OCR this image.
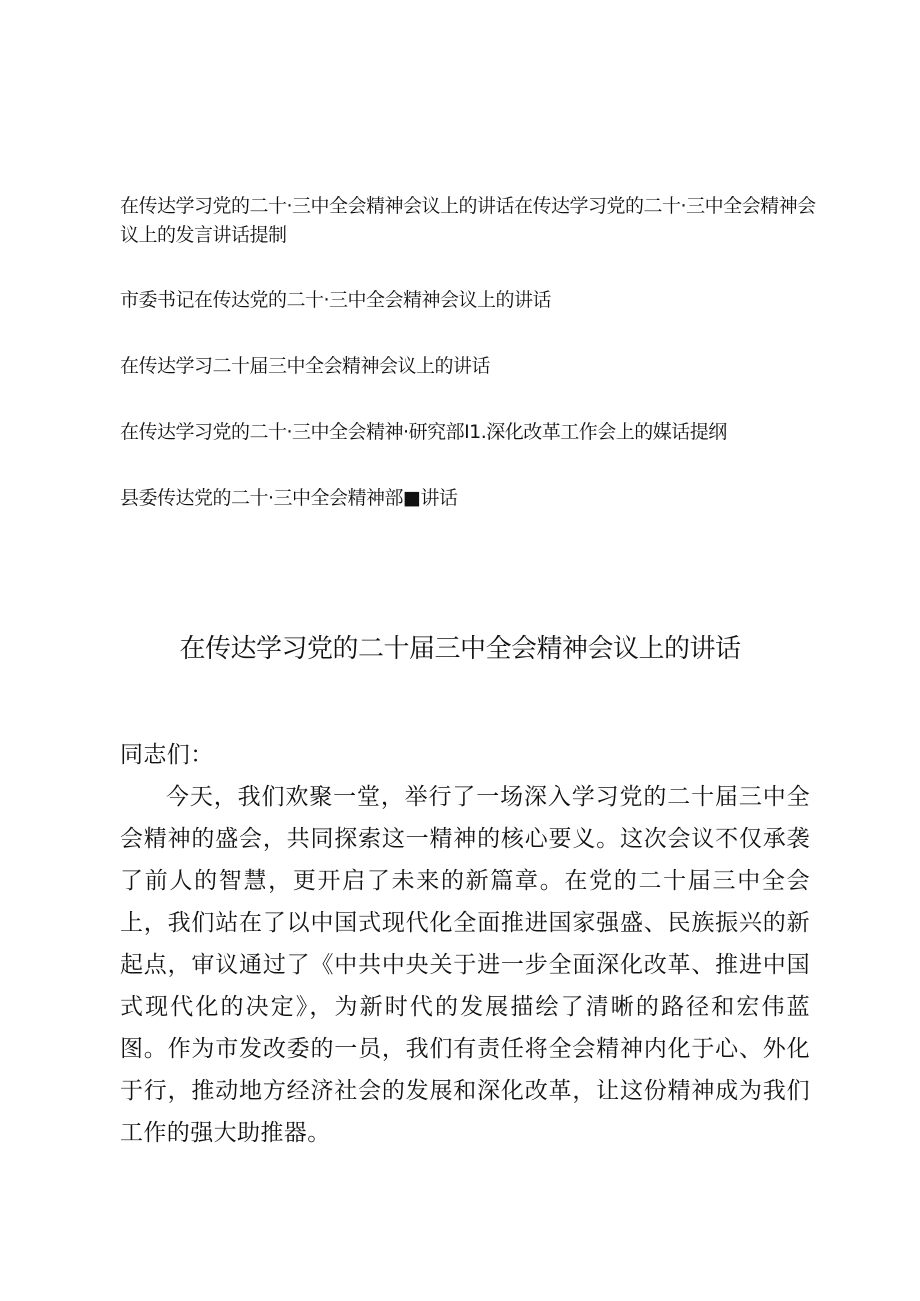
在传达学习党的二十·三中全会精神会议上的讲话在传达学习党的二十·三中全会精神会议上的发言讲话提制
市委书记在传达党的二十·三中全会精神会议上的讲话
在传达学习二十届三中全会精神会议上的讲话
在传达学习党的二十·三中全会精神·研究部I1.深化改革工作会上的媒话提纲
县委传达党的二十·三中全会精神部■讲话
在传达学习党的二十届三中全会精神会议上的讲话

同志们：

今天，我们欢聚一堂，举行了一场深入学习党的二十届三中全会精神的盛会，共同探索这一精神的核心要义。这次会议不仅承袭了前人的智慧，更开启了未来的新篇章。在党的二十届三中全会上，我们站在了以中国式现代化全面推进国家强盛、民族振兴的新起点，审议通过了《中共中央关于进一步全面深化改革、推进中国式现代化的决定》，为新时代的发展描绘了清晰的路径和宏伟蓝图。作为市发改委的一员，我们有责任将全会精神内化于心、外化于行，推动地方经济社会的发展和深化改革，让这份精神成为我们工作的强大助推器。
